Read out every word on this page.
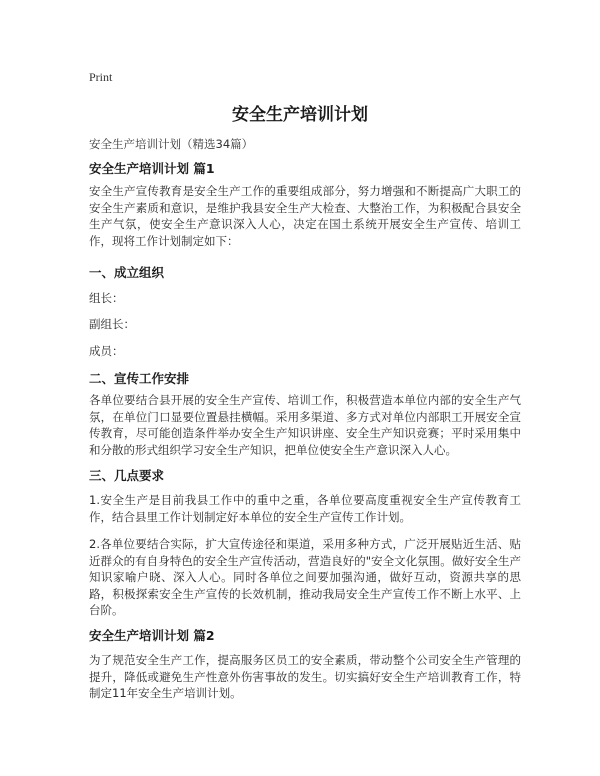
Print
安全生产培训计划
安全生产培训计划（精选34篇）
安全生产培训计划 篇1
安全生产宣传教育是安全生产工作的重要组成部分，努力增强和不断提高广大职工的安全生产素质和意识，是维护我县安全生产大检查、大整治工作，为积极配合县安全生产气氛，使安全生产意识深入人心，决定在国土系统开展安全生产宣传、培训工作，现将工作计划制定如下：
一、成立组织
组长：
副组长：
成员：
二、宣传工作安排
各单位要结合县开展的安全生产宣传、培训工作，积极营造本单位内部的安全生产气氛，在单位门口显要位置悬挂横幅。采用多渠道、多方式对单位内部职工开展安全宣传教育，尽可能创造条件举办安全生产知识讲座、安全生产知识竞赛；平时采用集中和分散的形式组织学习安全生产知识，把单位使安全生产意识深入人心。
三、几点要求
1.安全生产是目前我县工作中的重中之重，各单位要高度重视安全生产宣传教育工作，结合县里工作计划制定好本单位的安全生产宣传工作计划。
2.各单位要结合实际，扩大宣传途径和渠道，采用多种方式，广泛开展贴近生活、贴近群众的有自身特色的安全生产宣传活动，营造良好的"安全文化氛围。做好安全生产知识家喻户晓、深入人心。同时各单位之间要加强沟通，做好互动，资源共享的思路，积极探索安全生产宣传的长效机制，推动我局安全生产宣传工作不断上水平、上台阶。
安全生产培训计划 篇2
为了规范安全生产工作，提高服务区员工的安全素质，带动整个公司安全生产管理的提升，降低或避免生产性意外伤害事故的发生。切实搞好安全生产培训教育工作，特制定11年安全生产培训计划。
